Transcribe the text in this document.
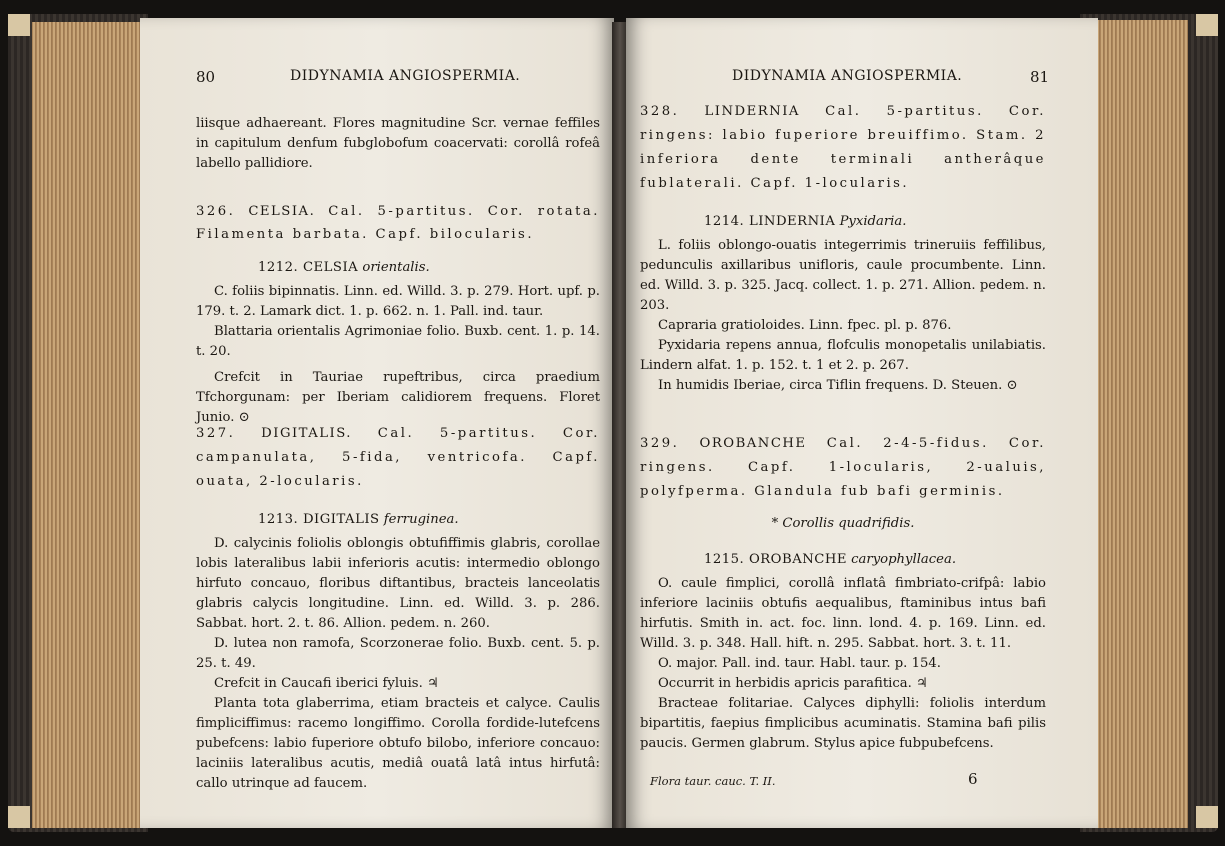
80	DIDYNAMIA ANGIOSPERMIA.

liisque adhaereant. Flores magnitudine Scr. vernae feffiles in capitulum denfum fubglobofum coacervati: corollâ rofeâ labello pallidiore.

326. CELSIA. Cal. 5-partitus. Cor. rotata. Filamenta barbata. Capf. bilocularis.

1212. CELSIA orientalis.

C. foliis bipinnatis. Linn. ed. Willd. 3. p. 279. Hort. upf. p. 179. t. 2. Lamark dict. 1. p. 662. n. 1. Pall. ind. taur.

Blattaria orientalis Agrimoniae folio. Buxb. cent. 1. p. 14. t. 20.

Crefcit in Tauriae rupeftribus, circa praedium Tfchorgunam: per Iberiam calidiorem frequens. Floret Junio. ⊙

327. DIGITALIS. Cal. 5-partitus. Cor. campanulata, 5-fida, ventricofa. Capf. ouata, 2-locularis.

1213. DIGITALIS ferruginea.

D. calycinis foliolis oblongis obtufiffimis glabris, corollae lobis lateralibus labii inferioris acutis: intermedio oblongo hirfuto concauo, floribus diftantibus, bracteis lanceolatis glabris calycis longitudine. Linn. ed. Willd. 3. p. 286. Sabbat. hort. 2. t. 86. Allion. pedem. n. 260.

D. lutea non ramofa, Scorzonerae folio. Buxb. cent. 5. p. 25. t. 49.

Crefcit in Caucafi iberici fyluis. ♃

Planta tota glaberrima, etiam bracteis et calyce. Caulis fimpliciffimus: racemo longiffimo. Corolla fordide-lutefcens pubefcens: labio fuperiore obtufo bilobo, inferiore concauo: laciniis lateralibus acutis, mediâ ouatâ latâ intus hirfutâ: callo utrinque ad faucem.

DIDYNAMIA ANGIOSPERMIA.	81

328. LINDERNIA Cal. 5-partitus. Cor. ringens: labio fuperiore breuiffimo. Stam. 2 inferiora dente terminali antherâque fublaterali. Capf. 1-locularis.

1214. LINDERNIA Pyxidaria.

L. foliis oblongo-ouatis integerrimis trineruiis feffilibus, pedunculis axillaribus unifloris, caule procumbente. Linn. ed. Willd. 3. p. 325. Jacq. collect. 1. p. 271. Allion. pedem. n. 203.

Capraria gratioloides. Linn. fpec. pl. p. 876.

Pyxidaria repens annua, flofculis monopetalis unilabiatis. Lindern alfat. 1. p. 152. t. 1 et 2. p. 267.

In humidis Iberiae, circa Tiflin frequens. D. Steuen. ⊙

329. OROBANCHE Cal. 2-4-5-fidus. Cor. ringens. Capf. 1-locularis, 2-ualuis, polyfperma. Glandula fub bafi germinis.

* Corollis quadrifidis.

1215. OROBANCHE caryophyllacea.

O. caule fimplici, corollâ inflatâ fimbriato-crifpâ: labio inferiore laciniis obtufis aequalibus, ftaminibus intus bafi hirfutis. Smith in. act. foc. linn. lond. 4. p. 169. Linn. ed. Willd. 3. p. 348. Hall. hift. n. 295. Sabbat. hort. 3. t. 11.

O. major. Pall. ind. taur. Habl. taur. p. 154.

Occurrit in herbidis apricis parafitica. ♃

Bracteae folitariae. Calyces diphylli: foliolis interdum bipartitis, faepius fimplicibus acuminatis. Stamina bafi pilis paucis. Germen glabrum. Stylus apice fubpubefcens.

Flora taur. cauc. T. II.	6
